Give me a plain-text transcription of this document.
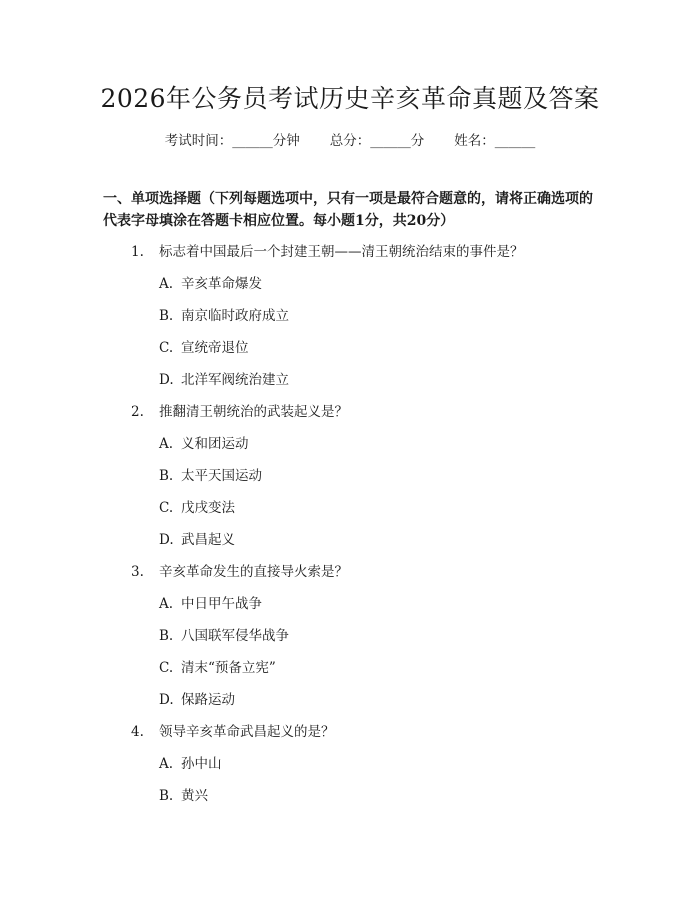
2026年公务员考试历史辛亥革命真题及答案
考试时间：______分钟 总分：______分 姓名：______
一、单项选择题（下列每题选项中，只有一项是最符合题意的，请将正确选项的
代表字母填涂在答题卡相应位置。每小题1分，共20分）
1. 标志着中国最后一个封建王朝——清王朝统治结束的事件是？
A. 辛亥革命爆发
B. 南京临时政府成立
C. 宣统帝退位
D. 北洋军阀统治建立
2. 推翻清王朝统治的武装起义是？
A. 义和团运动
B. 太平天国运动
C. 戊戌变法
D. 武昌起义
3. 辛亥革命发生的直接导火索是？
A. 中日甲午战争
B. 八国联军侵华战争
C. 清末“预备立宪”
D. 保路运动
4. 领导辛亥革命武昌起义的是？
A. 孙中山
B. 黄兴
